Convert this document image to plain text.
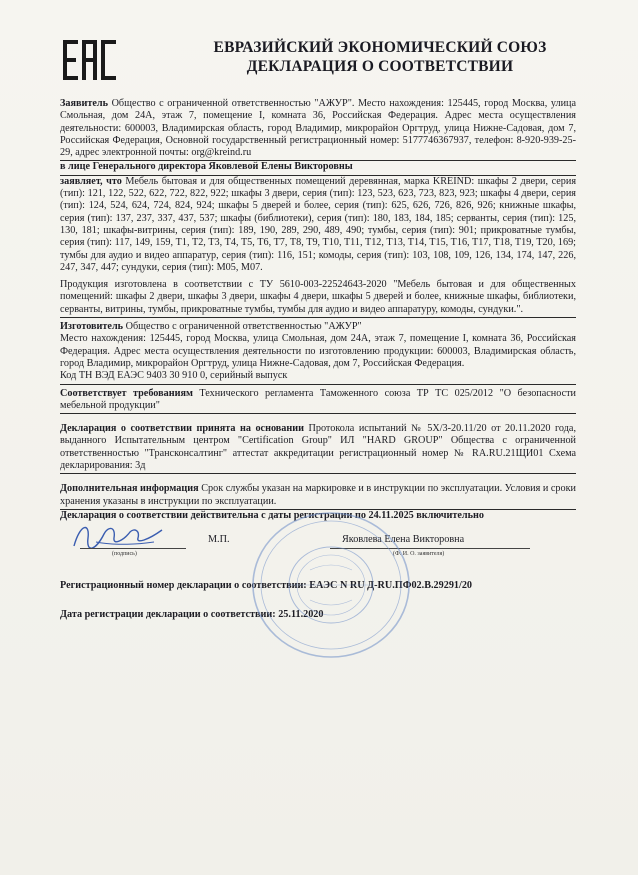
ЕВРАЗИЙСКИЙ ЭКОНОМИЧЕСКИЙ СОЮЗ
ДЕКЛАРАЦИЯ О СООТВЕТСТВИИ

Заявитель Общество с ограниченной ответственностью "АЖУР". Место нахождения: 125445, город Москва, улица Смольная, дом 24А, этаж 7, помещение I, комната 36, Российская Федерация. Адрес места осуществления деятельности: 600003, Владимирская область, город Владимир, микрорайон Оргтруд, улица Нижне-Садовая, дом 7, Российская Федерация, Основной государственный регистрационный номер: 5177746367937, телефон: 8-920-939-25-29, адрес электронной почты: org@kreind.ru

в лице Генерального директора Яковлевой Елены Викторовны

заявляет, что Мебель бытовая и для общественных помещений деревянная, марка KREIND: шкафы 2 двери, серия (тип): 121, 122, 522, 622, 722, 822, 922; шкафы 3 двери, серия (тип): 123, 523, 623, 723, 823, 923; шкафы 4 двери, серия (тип): 124, 524, 624, 724, 824, 924; шкафы 5 дверей и более, серия (тип): 625, 626, 726, 826, 926; книжные шкафы, серия (тип): 137, 237, 337, 437, 537; шкафы (библиотеки), серия (тип): 180, 183, 184, 185; серванты, серия (тип): 125, 130, 181; шкафы-витрины, серия (тип): 189, 190, 289, 290, 489, 490; тумбы, серия (тип): 901; прикроватные тумбы, серия (тип): 117, 149, 159, T1, T2, T3, T4, T5, T6, T7, T8, T9, T10, T11, T12, T13, T14, T15, T16, T17, T18, T19, T20, 169; тумбы для аудио и видео аппаратур, серия (тип): 116, 151; комоды, серия (тип): 103, 108, 109, 126, 134, 174, 147, 226, 247, 347, 447; сундуки, серия (тип): M05, M07.

Продукция изготовлена в соответствии с ТУ 5610-003-22524643-2020 "Мебель бытовая и для общественных помещений: шкафы 2 двери, шкафы 3 двери, шкафы 4 двери, шкафы 5 дверей и более, книжные шкафы, библиотеки, серванты, витрины, тумбы, прикроватные тумбы, тумбы для аудио и видео аппаратуру, комоды, сундуки.".

Изготовитель Общество с ограниченной ответственностью "АЖУР"

Место нахождения: 125445, город Москва, улица Смольная, дом 24А, этаж 7, помещение I, комната 36, Российская Федерация. Адрес места осуществления деятельности по изготовлению продукции: 600003, Владимирская область, город Владимир, микрорайон Оргтруд, улица Нижне-Садовая, дом 7, Российская Федерация.

Код ТН ВЭД ЕАЭС 9403 30 910 0, серийный выпуск

Соответствует требованиям Технического регламента Таможенного союза ТР ТС 025/2012 "О безопасности мебельной продукции"

Декларация о соответствии принята на основании Протокола испытаний № 5X/3-20.11/20 от 20.11.2020 года, выданного Испытательным центром "Certification Group" ИЛ "HARD GROUP" Общества с ограниченной ответственностью "Трансконсалтинг" аттестат аккредитации регистрационный номер № RA.RU.21ЩИ01 Схема декларирования: 3д

Дополнительная информация Срок службы указан на маркировке и в инструкции по эксплуатации. Условия и сроки хранения указаны в инструкции по эксплуатации.

Декларация о соответствии действительна с даты регистрации по 24.11.2025 включительно

М.П.	Яковлева Елена Викторовна
(подпись)	(Ф. И. О. заявителя)

Регистрационный номер декларации о соответствии: ЕАЭС N RU Д-RU.ПФ02.В.29291/20

Дата регистрации декларации о соответствии: 25.11.2020
